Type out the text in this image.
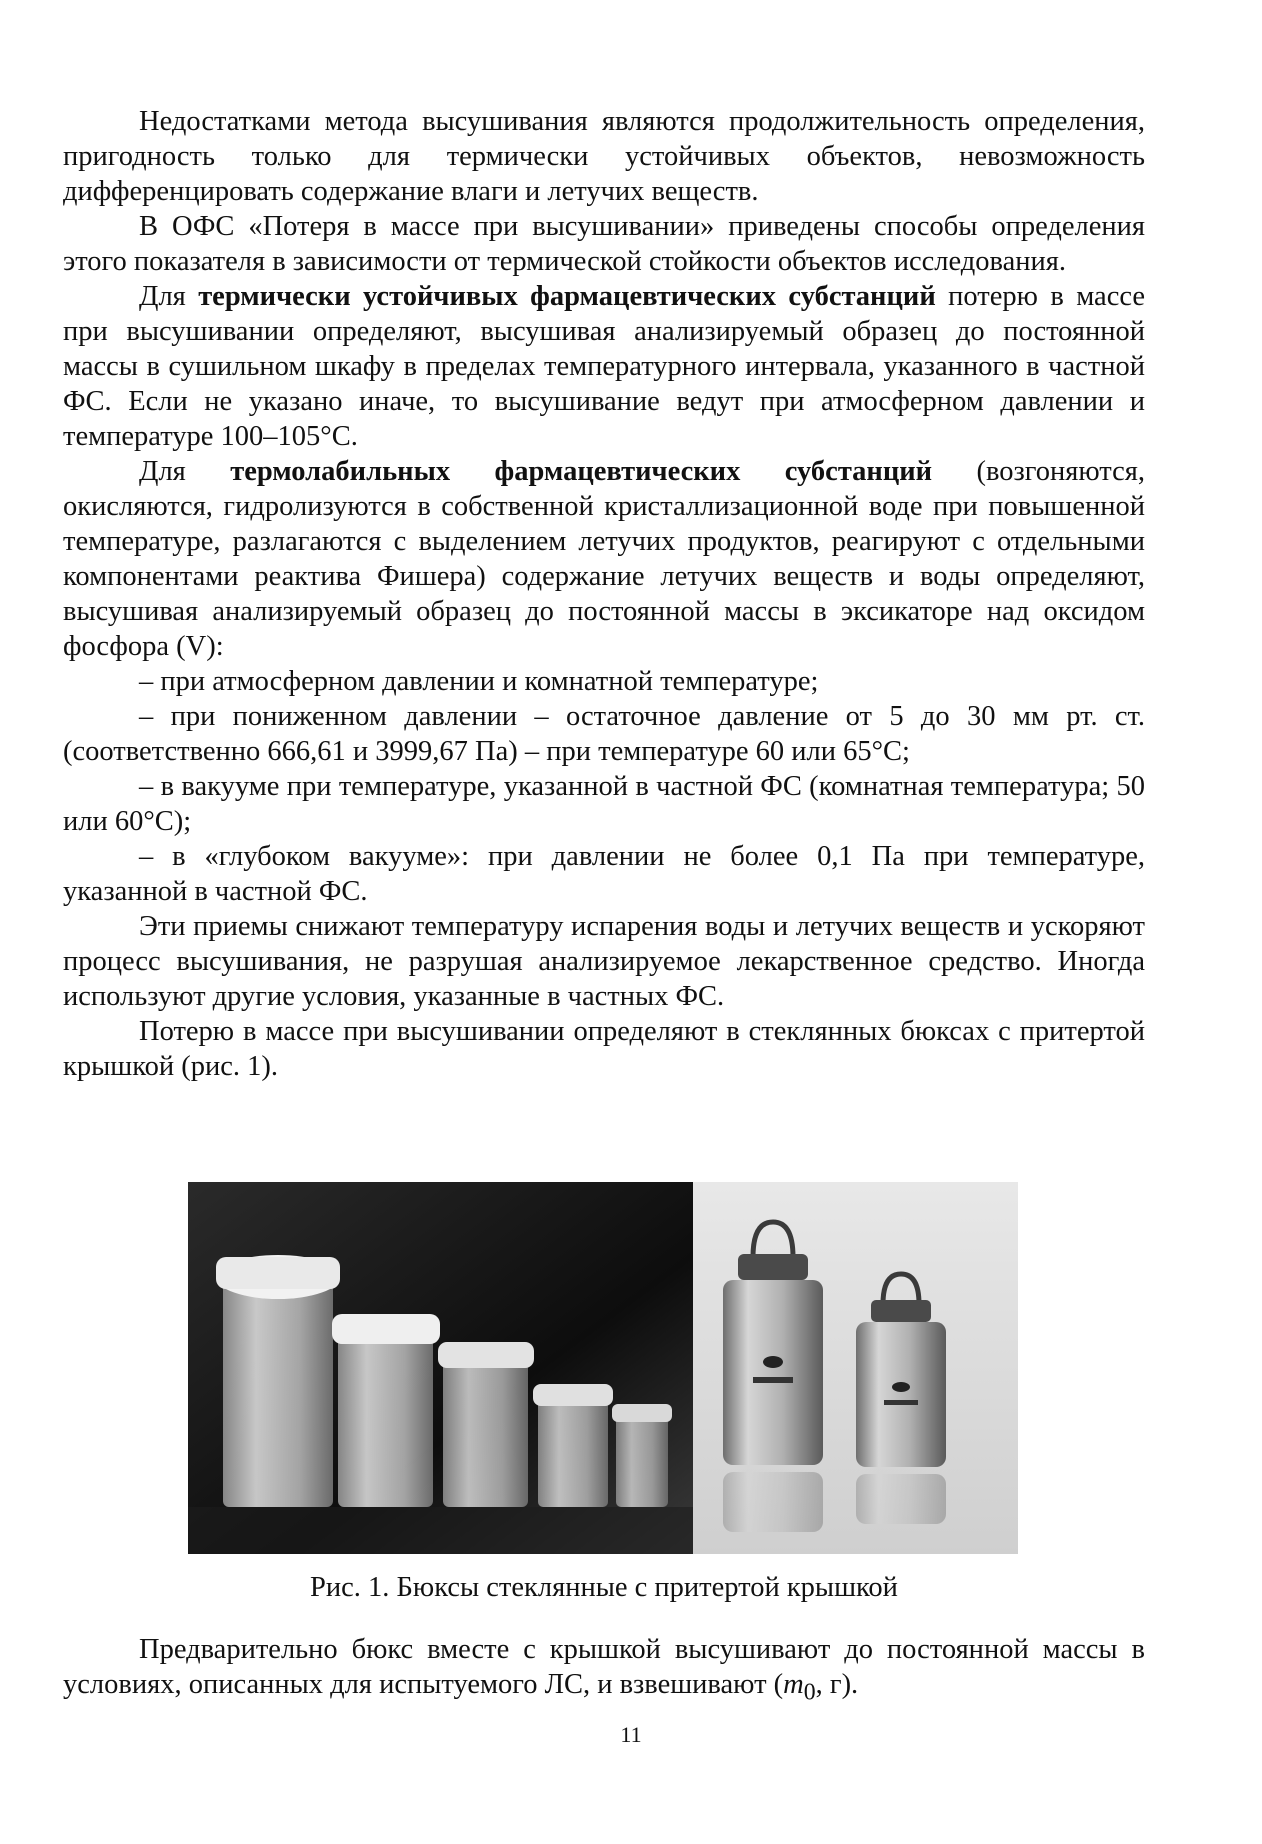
Недостатками метода высушивания являются продолжительность определения, пригодность только для термически устойчивых объектов, невозможность дифференцировать содержание влаги и летучих веществ.

В ОФС «Потеря в массе при высушивании» приведены способы определения этого показателя в зависимости от термической стойкости объектов исследования.

Для термически устойчивых фармацевтических субстанций потерю в массе при высушивании определяют, высушивая анализируемый образец до постоянной массы в сушильном шкафу в пределах температурного интервала, указанного в частной ФС. Если не указано иначе, то высушивание ведут при атмосферном давлении и температуре 100–105°С.

Для термолабильных фармацевтических субстанций (возгоняются, окисляются, гидролизуются в собственной кристаллизационной воде при повышенной температуре, разлагаются с выделением летучих продуктов, реагируют с отдельными компонентами реактива Фишера) содержание летучих веществ и воды определяют, высушивая анализируемый образец до постоянной массы в эксикаторе над оксидом фосфора (V):

– при атмосферном давлении и комнатной температуре;

– при пониженном давлении – остаточное давление от 5 до 30 мм рт. ст. (соответственно 666,61 и 3999,67 Па) – при температуре 60 или 65°С;

– в вакууме при температуре, указанной в частной ФС (комнатная температура; 50 или 60°С);

– в «глубоком вакууме»: при давлении не более 0,1 Па при температуре, указанной в частной ФС.

Эти приемы снижают температуру испарения воды и летучих веществ и ускоряют процесс высушивания, не разрушая анализируемое лекарственное средство. Иногда используют другие условия, указанные в частных ФС.

Потерю в массе при высушивании определяют в стеклянных бюксах с притертой крышкой (рис. 1).

Рис. 1. Бюксы стеклянные с притертой крышкой

Предварительно бюкс вместе с крышкой высушивают до постоянной массы в условиях, описанных для испытуемого ЛС, и взвешивают ($m_0$, г).

11
